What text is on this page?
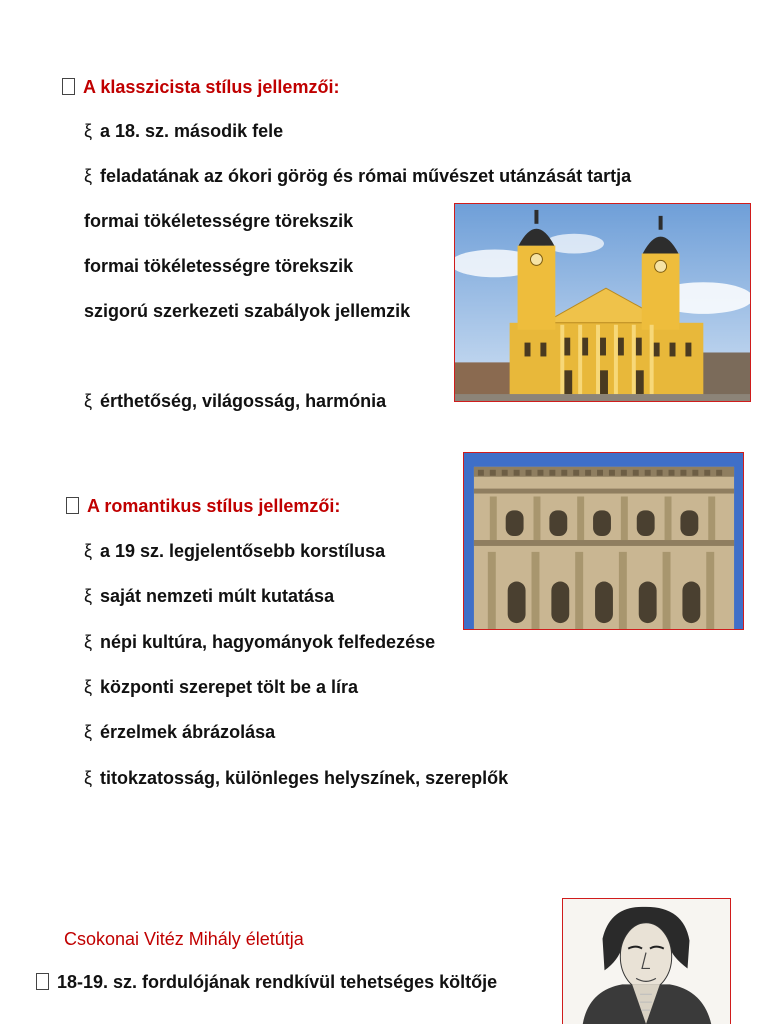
A klasszicista stílus jellemzői:
ξ a 18. sz. második fele
ξ feladatának az ókori görög és római művészet utánzását tartja
formai tökéletességre törekszik
formai tökéletességre törekszik
szigorú szerkezeti szabályok jellemzik
ξ érthetőség, világosság, harmónia
A romantikus stílus jellemzői:
ξ a 19 sz. legjelentősebb korstílusa
ξ saját nemzeti múlt kutatása
ξ népi kultúra, hagyományok felfedezése
ξ központi szerepet tölt be a líra
ξ érzelmek ábrázolása
ξ titokzatosság, különleges helyszínek, szereplők
Csokonai Vitéz Mihály életútja
18-19. sz. fordulójának rendkívül tehetséges költője
